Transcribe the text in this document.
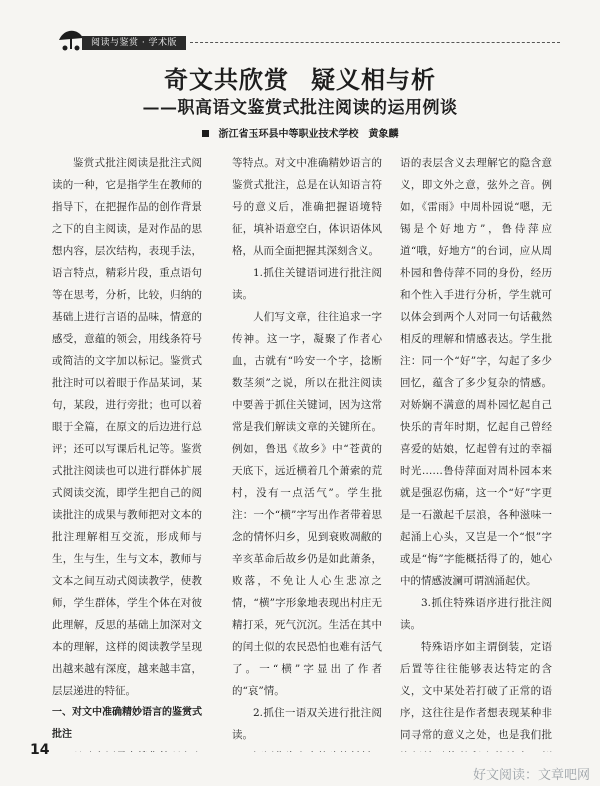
阅读与鉴赏 · 学术版
奇文共欣赏 疑义相与析
——职高语文鉴赏式批注阅读的运用例谈
浙江省玉环县中等职业技术学校 黄象麟

鉴赏式批注阅读是批注式阅读的一种，它是指学生在教师的指导下，在把握作品的创作背景之下的自主阅读，是对作品的思想内容，层次结构，表现手法，语言特点，精彩片段，重点语句等在思考，分析，比较，归纳的基础上进行言语的品味，情意的感受，意蕴的领会，用线条符号或简洁的文字加以标记。鉴赏式批注时可以着眼于作品某词，某句，某段，进行旁批；也可以着眼于全篇，在原文的后边进行总评；还可以写课后札记等。鉴赏式批注阅读也可以进行群体扩展式阅读交流，即学生把自己的阅读批注的成果与教师把对文本的批注理解相互交流，形成师与生，生与生，生与文本，教师与文本之间互动式阅读教学，使教师，学生群体，学生个体在对彼此理解，反思的基础上加深对文本的理解，这样的阅读教学呈现出越来越有深度，越来越丰富，层层递进的特征。

一、对文中准确精妙语言的鉴赏式批注

等特点。对文中准确精妙语言的鉴赏式批注，总是在认知语言符号的意义后，准确把握语境特征，填补语意空白，体识语体风格，从而全面把握其深刻含义。

1.抓住关键语词进行批注阅读。

人们写文章，往往追求一字传神。这一字，凝聚了作者心血，古就有“吟安一个字，捻断数茎须”之说，所以在批注阅读中要善于抓住关键词，因为这常常是我们解读文章的关键所在。例如，鲁迅《故乡》中“苍黄的天底下，远近横着几个萧索的荒村，没有一点活气”。学生批注：一个“横”字写出作者带着思念的情怀归乡，见到衰败凋敝的辛亥革命后故乡仍是如此萧条，败落，不免让人心生悲凉之情，“横”字形象地表现出村庄无精打采，死气沉沉。生活在其中的闰土似的农民恐怕也难有活气了。一“横”字显出了作者的“哀”情。

2.抓住一语双关进行批注阅读。

语的表层含义去理解它的隐含意义，即文外之意，弦外之音。例如，《雷雨》中周朴园说“嗯，无锡是个好地方”，鲁侍萍应道“哦，好地方”的台词，应从周朴园和鲁侍萍不同的身份，经历和个性入手进行分析，学生就可以体会到两个人对同一句话截然相反的理解和情感表达。学生批注：同一个“好”字，勾起了多少回忆，蕴含了多少复杂的情感。对娇娴不满意的周朴园忆起自己快乐的青年时期，忆起自己曾经喜爱的姑娘，忆起曾有过的幸福时光……鲁侍萍面对周朴园本来就是强忍伤痛，这一个“好”字更是一石激起千层浪，各种滋味一起涌上心头，又岂是一个“恨”字或是“悔”字能概括得了的，她心中的情感波澜可谓汹涌起伏。

3.抓住特殊语序进行批注阅读。

特殊语序如主谓倒装，定语后置等往往能够表达特定的含义，文中某处若打破了正常的语序，这往往是作者想表现某种非同寻常的意义之处，也是我们批

14
好文阅读：文章吧网
